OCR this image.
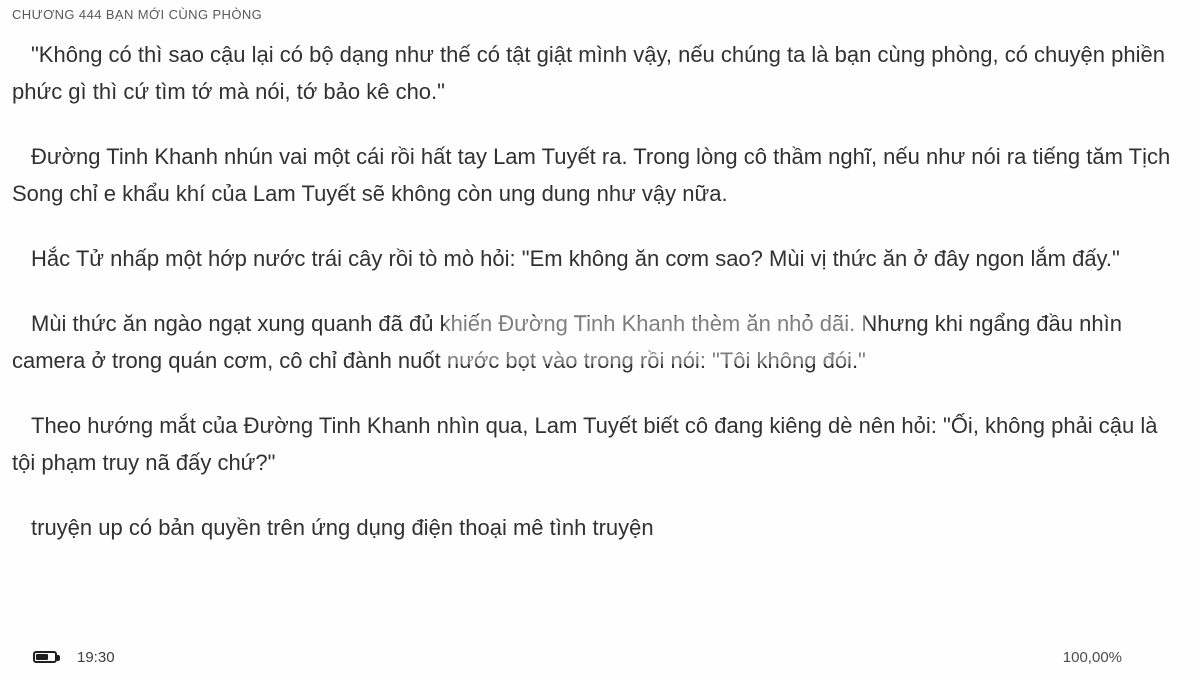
CHƯƠNG 444 BẠN MỚI CÙNG PHÒNG

"Không có thì sao cậu lại có bộ dạng như thế có tật giật mình vậy, nếu chúng ta là bạn cùng phòng, có chuyện phiền phức gì thì cứ tìm tớ mà nói, tớ bảo kê cho."

Đường Tinh Khanh nhún vai một cái rồi hất tay Lam Tuyết ra. Trong lòng cô thầm nghĩ, nếu như nói ra tiếng tăm Tịch Song chỉ e khẩu khí của Lam Tuyết sẽ không còn ung dung như vậy nữa.

Hắc Tử nhấp một hớp nước trái cây rồi tò mò hỏi: "Em không ăn cơm sao? Mùi vị thức ăn ở đây ngon lắm đấy."

Mùi thức ăn ngào ngạt xung quanh đã đủ khiến Đường Tinh Khanh thèm ăn nhỏ dãi. Nhưng khi ngẩng đầu nhìn camera ở trong quán cơm, cô chỉ đành nuốt nước bọt vào trong rồi nói: "Tôi không đói."

Theo hướng mắt của Đường Tinh Khanh nhìn qua, Lam Tuyết biết cô đang kiêng dè nên hỏi: "Ối, không phải cậu là tội phạm truy nã đấy chứ?"

truyện up có bản quyền trên ứng dụng điện thoại mê tình truyện

19:30	100,00%
